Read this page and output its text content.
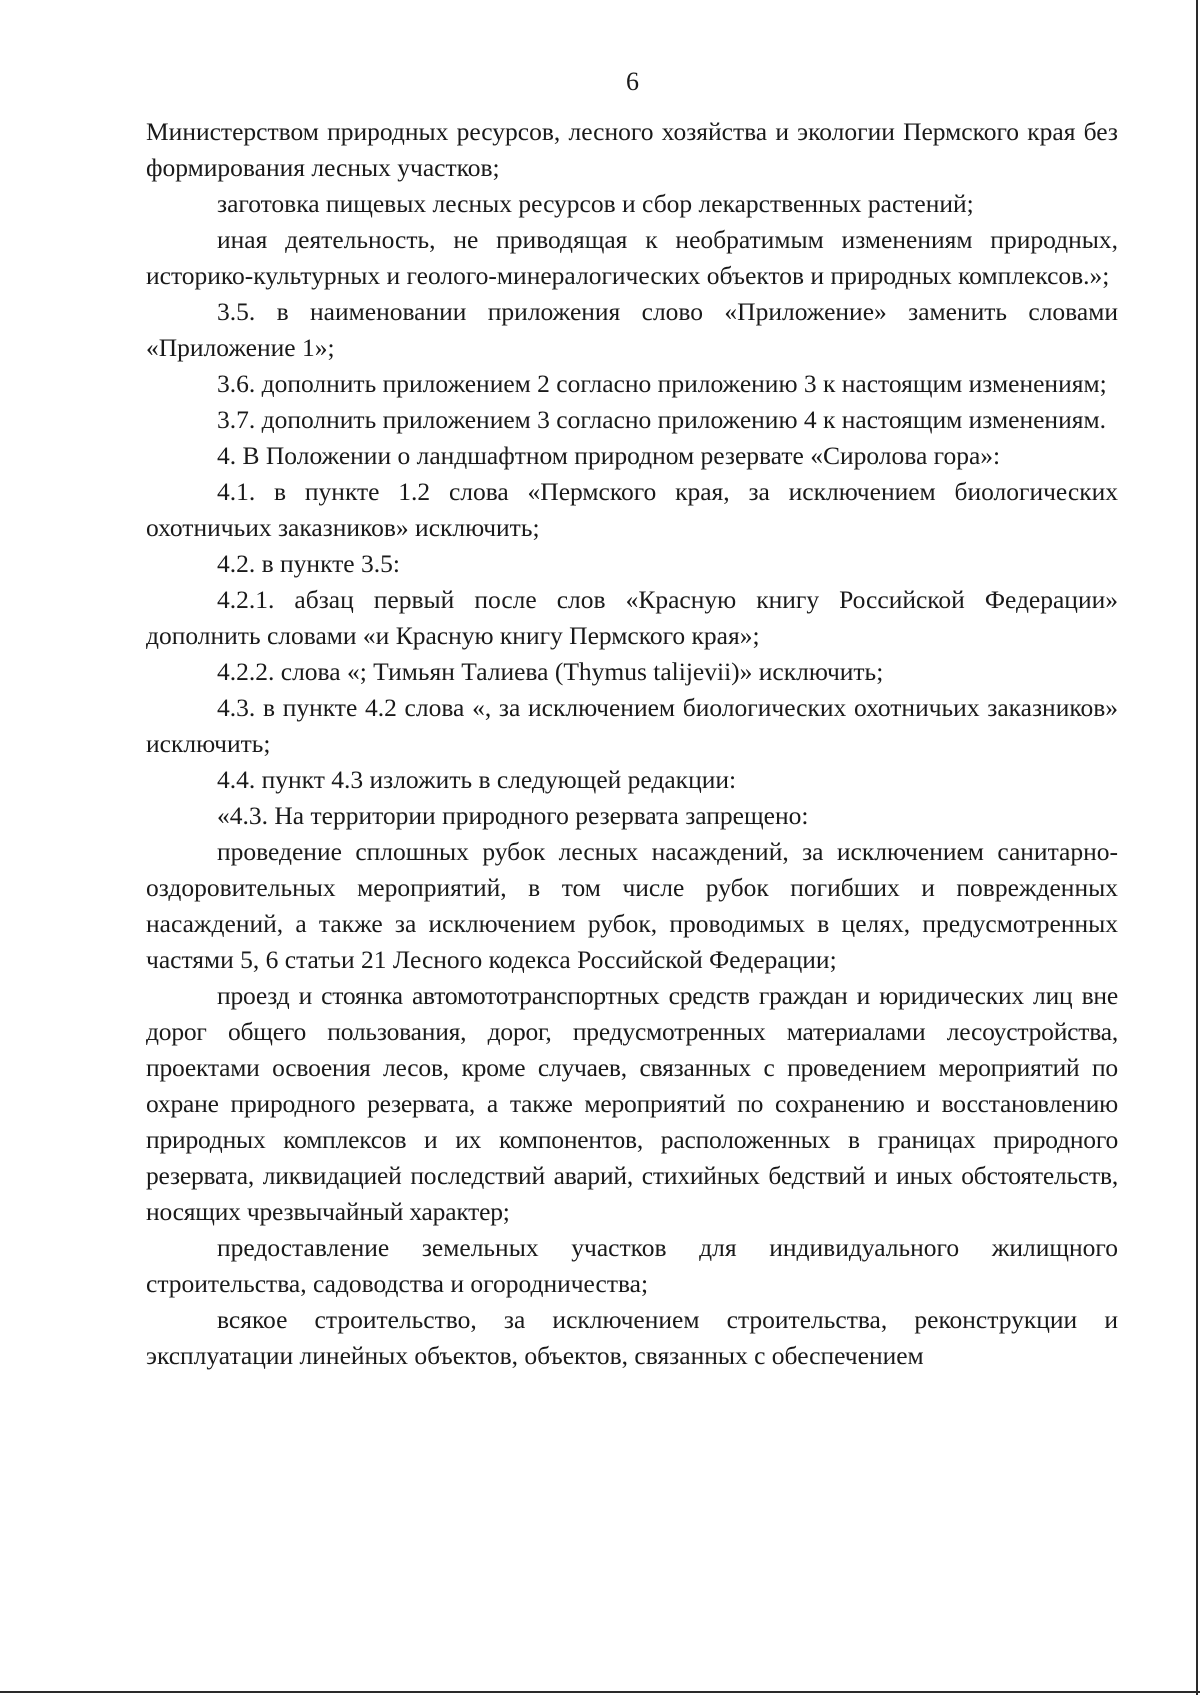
6

Министерством природных ресурсов, лесного хозяйства и экологии Пермского края без формирования лесных участков;

заготовка пищевых лесных ресурсов и сбор лекарственных растений;

иная деятельность, не приводящая к необратимым изменениям природных, историко-культурных и геолого-минералогических объектов и природных комплексов.»;

3.5. в наименовании приложения слово «Приложение» заменить словами «Приложение 1»;

3.6. дополнить приложением 2 согласно приложению 3 к настоящим изменениям;

3.7. дополнить приложением 3 согласно приложению 4 к настоящим изменениям.

4. В Положении о ландшафтном природном резервате «Сиролова гора»:

4.1. в пункте 1.2 слова «Пермского края, за исключением биологических охотничьих заказников» исключить;

4.2. в пункте 3.5:

4.2.1. абзац первый после слов «Красную книгу Российской Федерации» дополнить словами «и Красную книгу Пермского края»;

4.2.2. слова «; Тимьян Талиева (Thymus talijevii)» исключить;

4.3. в пункте 4.2 слова «, за исключением биологических охотничьих заказников» исключить;

4.4. пункт 4.3 изложить в следующей редакции:

«4.3. На территории природного резервата запрещено:

проведение сплошных рубок лесных насаждений, за исключением санитарно-оздоровительных мероприятий, в том числе рубок погибших и поврежденных насаждений, а также за исключением рубок, проводимых в целях, предусмотренных частями 5, 6 статьи 21 Лесного кодекса Российской Федерации;

проезд и стоянка автомототранспортных средств граждан и юридических лиц вне дорог общего пользования, дорог, предусмотренных материалами лесоустройства, проектами освоения лесов, кроме случаев, связанных с проведением мероприятий по охране природного резервата, а также мероприятий по сохранению и восстановлению природных комплексов и их компонентов, расположенных в границах природного резервата, ликвидацией последствий аварий, стихийных бедствий и иных обстоятельств, носящих чрезвычайный характер;

предоставление земельных участков для индивидуального жилищного строительства, садоводства и огородничества;

всякое строительство, за исключением строительства, реконструкции и эксплуатации линейных объектов, объектов, связанных с обеспечением
